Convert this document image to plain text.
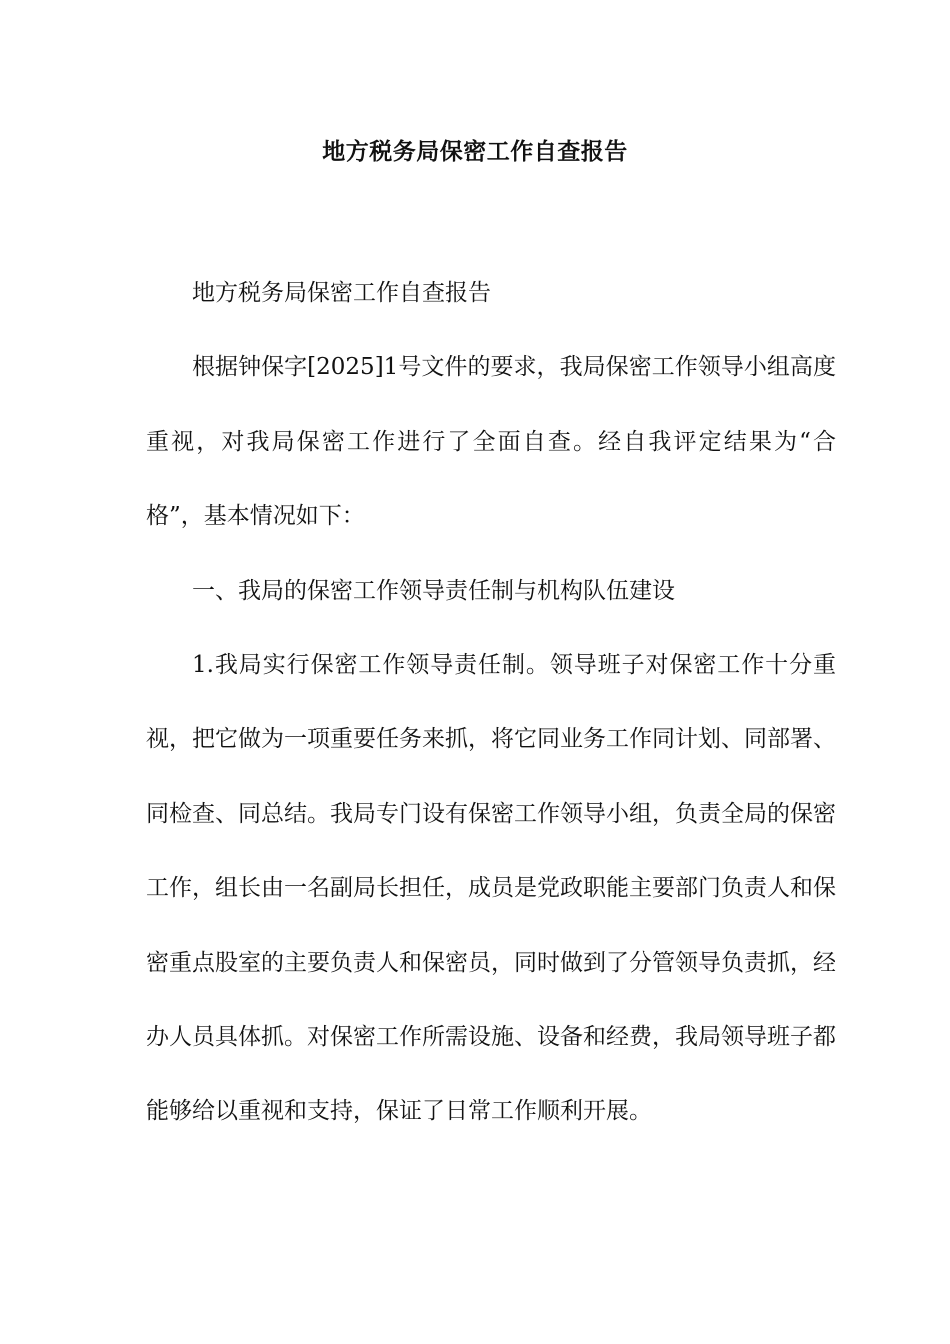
地方税务局保密工作自查报告

地方税务局保密工作自查报告

根据钟保字[2025]1号文件的要求，我局保密工作领导小组高度重视，对我局保密工作进行了全面自查。经自我评定结果为“合格”，基本情况如下：

一、我局的保密工作领导责任制与机构队伍建设

1.我局实行保密工作领导责任制。领导班子对保密工作十分重视，把它做为一项重要任务来抓，将它同业务工作同计划、同部署、同检查、同总结。我局专门设有保密工作领导小组，负责全局的保密工作，组长由一名副局长担任，成员是党政职能主要部门负责人和保密重点股室的主要负责人和保密员，同时做到了分管领导负责抓，经办人员具体抓。对保密工作所需设施、设备和经费，我局领导班子都能够给以重视和支持，保证了日常工作顺利开展。
